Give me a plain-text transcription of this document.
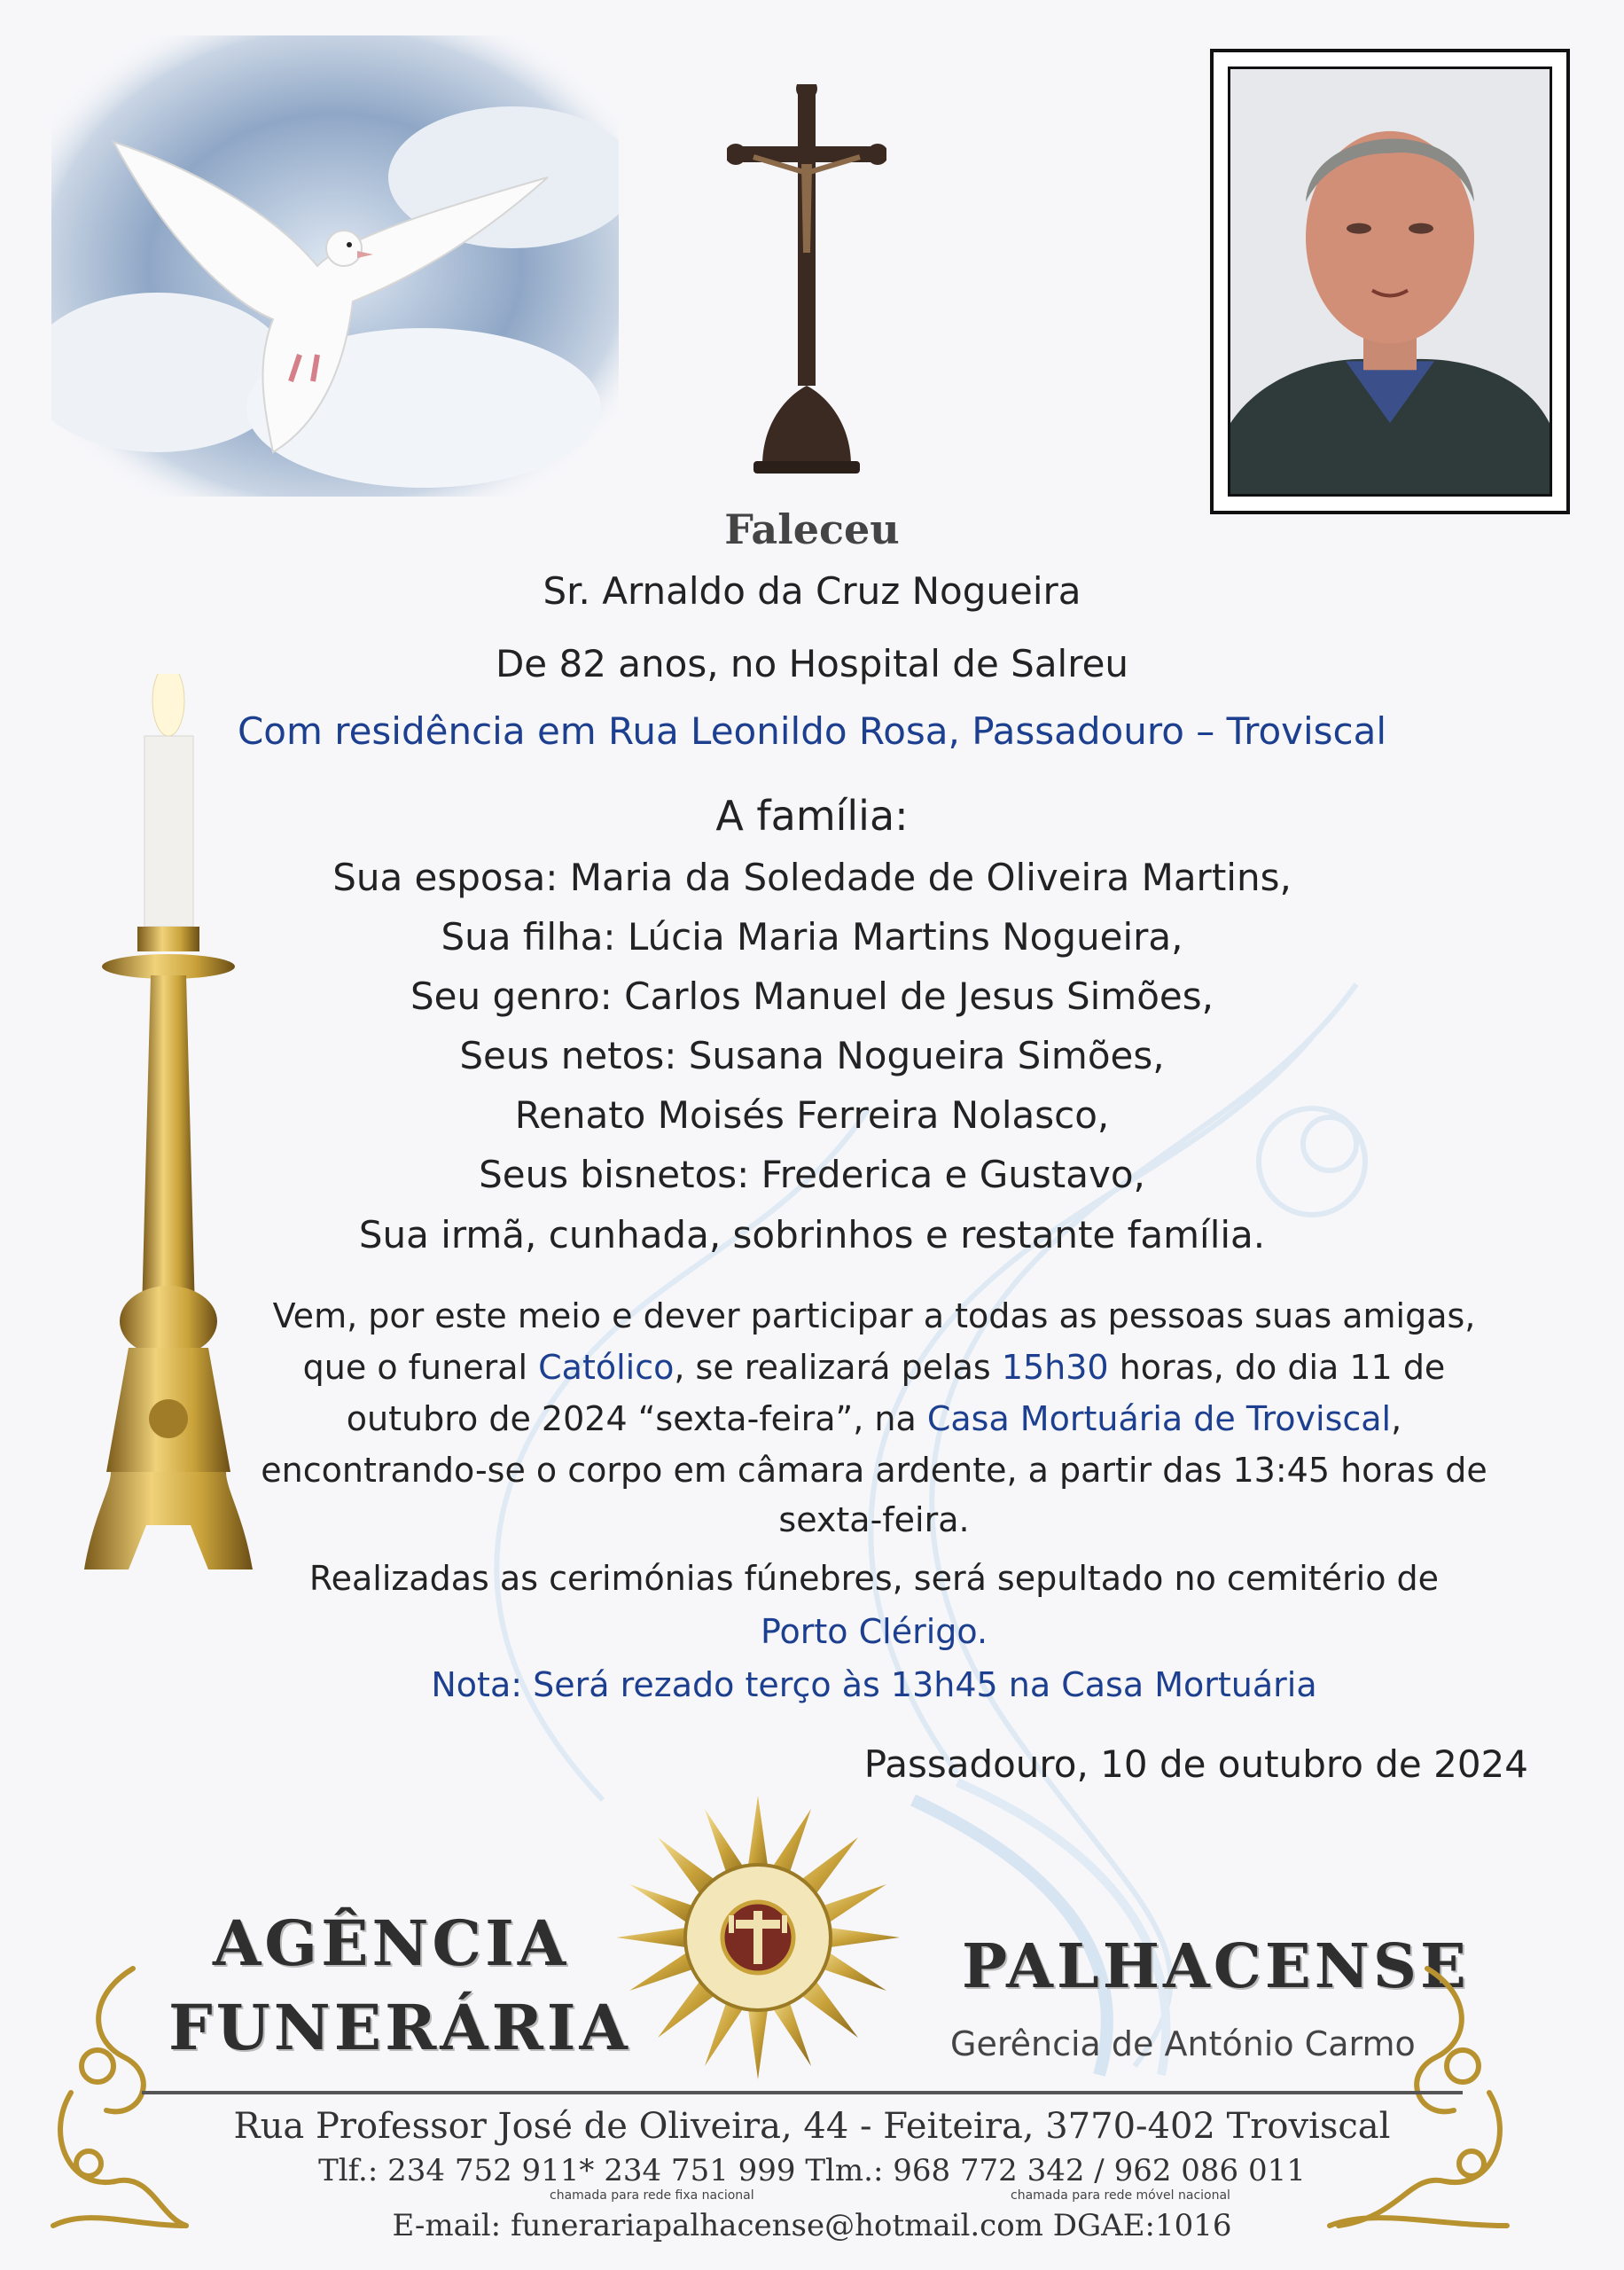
Faleceu
Sr. Arnaldo da Cruz Nogueira
De 82 anos, no Hospital de Salreu
Com residência em Rua Leonildo Rosa, Passadouro – Troviscal
A família:
Sua esposa: Maria da Soledade de Oliveira Martins,
Sua filha: Lúcia Maria Martins Nogueira,
Seu genro: Carlos Manuel de Jesus Simões,
Seus netos: Susana Nogueira Simões,
Renato Moisés Ferreira Nolasco,
Seus bisnetos: Frederica e Gustavo,
Sua irmã, cunhada, sobrinhos e restante família.
Vem, por este meio e dever participar a todas as pessoas suas amigas,
que o funeral Católico, se realizará pelas 15h30 horas, do dia 11 de
outubro de 2024 “sexta-feira”, na Casa Mortuária de Troviscal,
encontrando-se o corpo em câmara ardente, a partir das 13:45 horas de
sexta-feira.
Realizadas as cerimónias fúnebres, será sepultado no cemitério de
Porto Clérigo.
Nota: Será rezado terço às 13h45 na Casa Mortuária
Passadouro, 10 de outubro de 2024
AGÊNCIA
FUNERÁRIA
PALHACENSE
Gerência de António Carmo
Rua Professor José de Oliveira, 44 - Feiteira, 3770-402 Troviscal
Tlf.: 234 752 911* 234 751 999 Tlm.: 968 772 342 / 962 086 011
chamada para rede fixa nacional	chamada para rede móvel nacional
E-mail: funerariapalhacense@hotmail.com DGAE:1016
